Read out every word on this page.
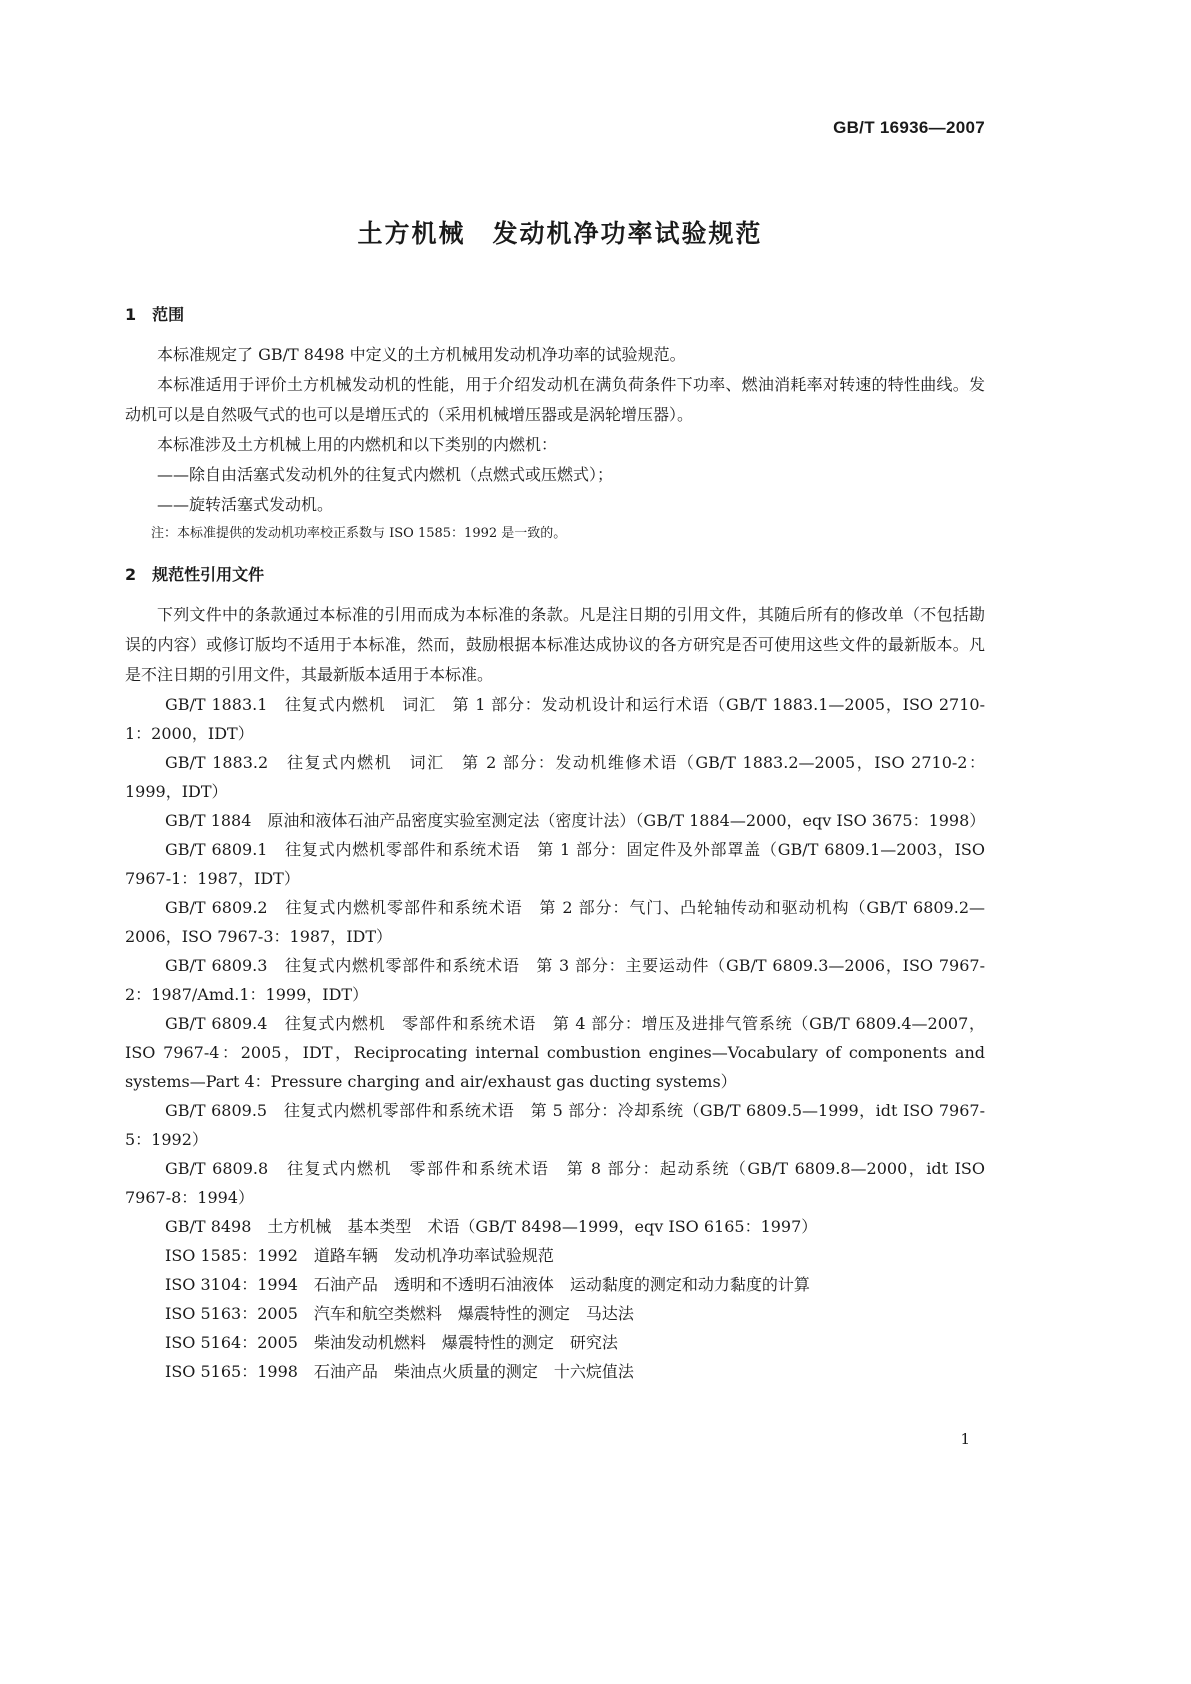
GB/T 16936—2007
土方机械　发动机净功率试验规范
1　范围

本标准规定了 GB/T 8498 中定义的土方机械用发动机净功率的试验规范。

本标准适用于评价土方机械发动机的性能，用于介绍发动机在满负荷条件下功率、燃油消耗率对转速的特性曲线。发动机可以是自然吸气式的也可以是增压式的（采用机械增压器或是涡轮增压器）。

本标准涉及土方机械上用的内燃机和以下类别的内燃机：

——除自由活塞式发动机外的往复式内燃机（点燃式或压燃式）；

——旋转活塞式发动机。

注：本标准提供的发动机功率校正系数与 ISO 1585：1992 是一致的。

2　规范性引用文件

下列文件中的条款通过本标准的引用而成为本标准的条款。凡是注日期的引用文件，其随后所有的修改单（不包括勘误的内容）或修订版均不适用于本标准，然而，鼓励根据本标准达成协议的各方研究是否可使用这些文件的最新版本。凡是不注日期的引用文件，其最新版本适用于本标准。

GB/T 1883.1　往复式内燃机　词汇　第 1 部分：发动机设计和运行术语（GB/T 1883.1—2005，ISO 2710-1：2000，IDT）

GB/T 1883.2　往复式内燃机　词汇　第 2 部分：发动机维修术语（GB/T 1883.2—2005，ISO 2710-2：1999，IDT）

GB/T 1884　原油和液体石油产品密度实验室测定法（密度计法）（GB/T 1884—2000，eqv ISO 3675：1998）

GB/T 6809.1　往复式内燃机零部件和系统术语　第 1 部分：固定件及外部罩盖（GB/T 6809.1—2003，ISO 7967-1：1987，IDT）

GB/T 6809.2　往复式内燃机零部件和系统术语　第 2 部分：气门、凸轮轴传动和驱动机构（GB/T 6809.2—2006，ISO 7967-3：1987，IDT）

GB/T 6809.3　往复式内燃机零部件和系统术语　第 3 部分：主要运动件（GB/T 6809.3—2006，ISO 7967-2：1987/Amd.1：1999，IDT）

GB/T 6809.4　往复式内燃机　零部件和系统术语　第 4 部分：增压及进排气管系统（GB/T 6809.4—2007，ISO 7967-4：2005，IDT，Reciprocating internal combustion engines—Vocabulary of components and systems—Part 4：Pressure charging and air/exhaust gas ducting systems）

GB/T 6809.5　往复式内燃机零部件和系统术语　第 5 部分：冷却系统（GB/T 6809.5—1999，idt ISO 7967-5：1992）

GB/T 6809.8　往复式内燃机　零部件和系统术语　第 8 部分：起动系统（GB/T 6809.8—2000，idt ISO 7967-8：1994）

GB/T 8498　土方机械　基本类型　术语（GB/T 8498—1999，eqv ISO 6165：1997）

ISO 1585：1992　道路车辆　发动机净功率试验规范

ISO 3104：1994　石油产品　透明和不透明石油液体　运动黏度的测定和动力黏度的计算

ISO 5163：2005　汽车和航空类燃料　爆震特性的测定　马达法

ISO 5164：2005　柴油发动机燃料　爆震特性的测定　研究法

ISO 5165：1998　石油产品　柴油点火质量的测定　十六烷值法

1
